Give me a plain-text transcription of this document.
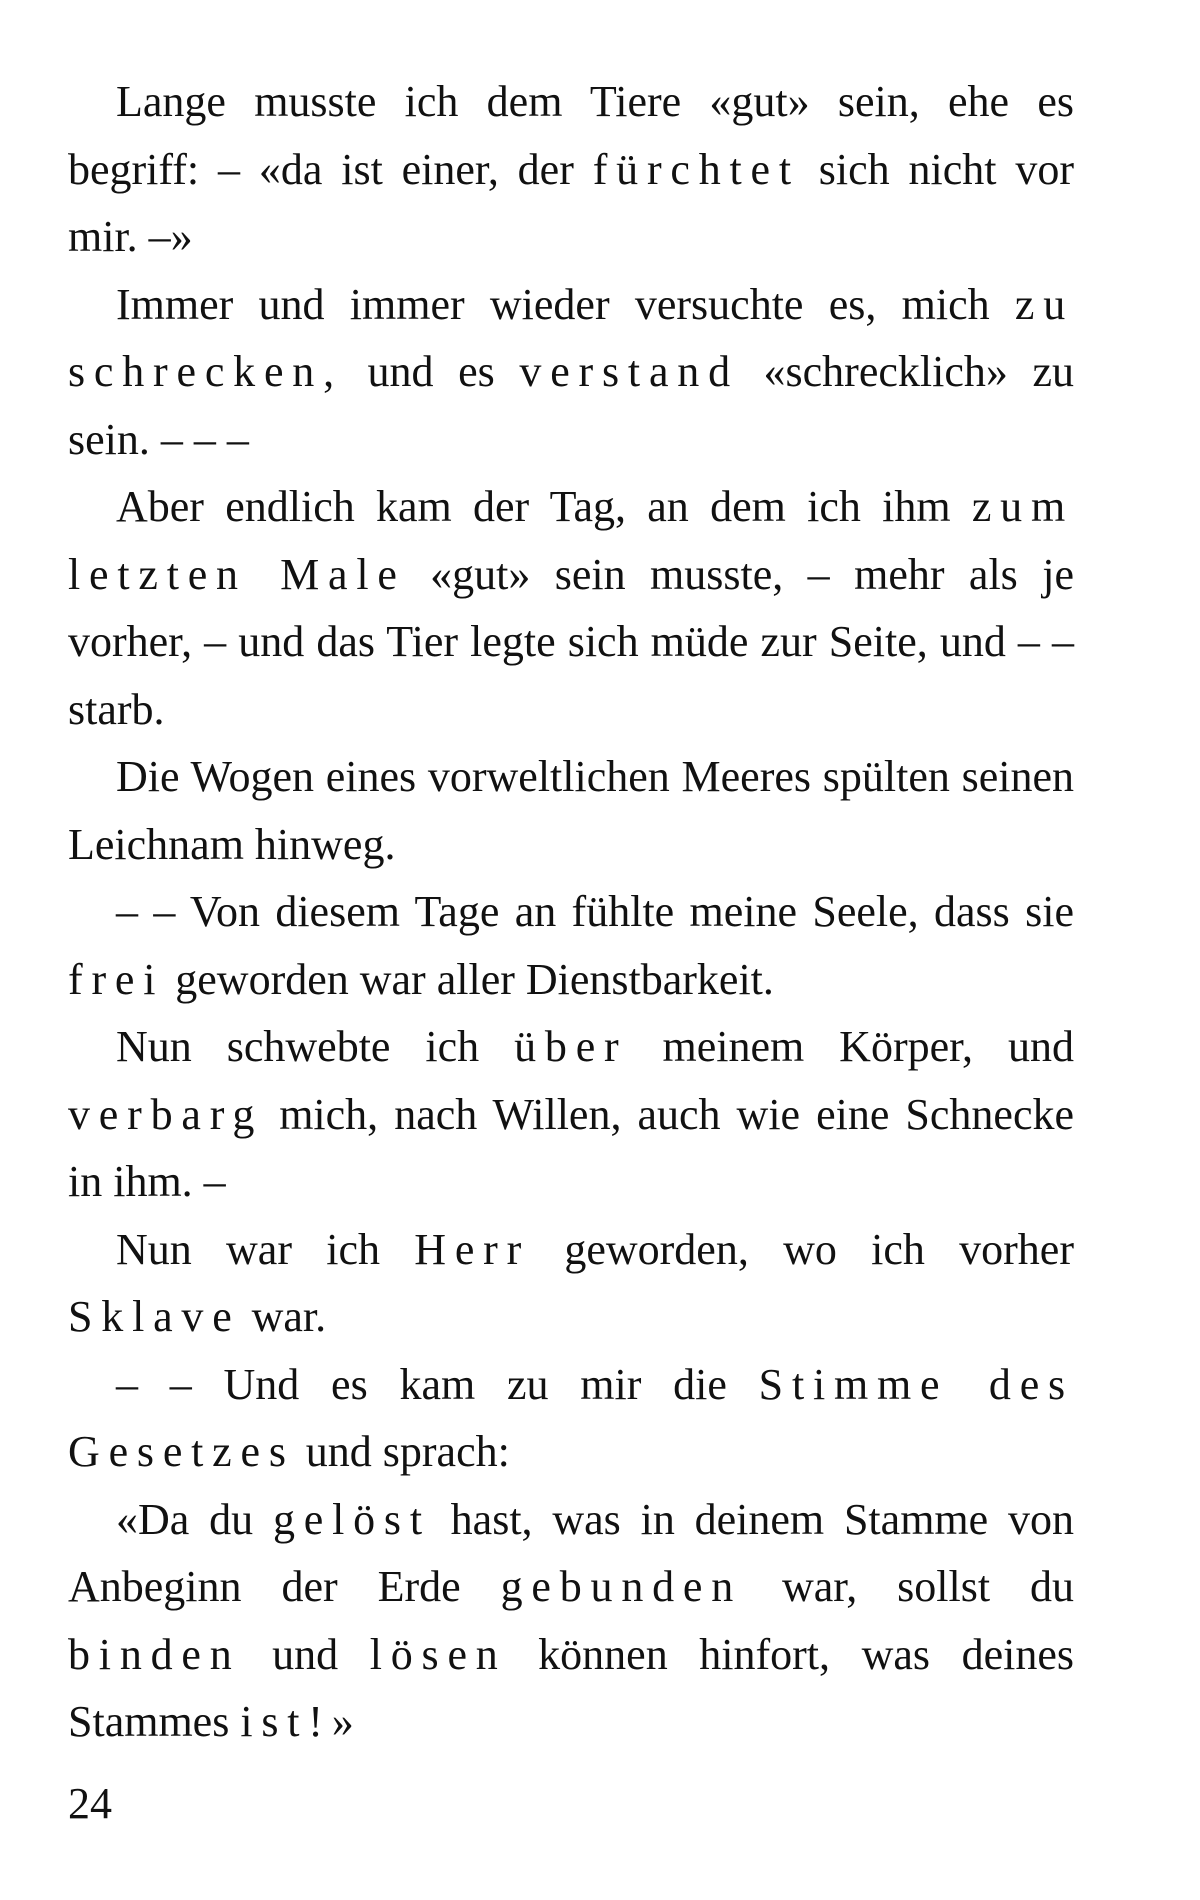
Lange musste ich dem Tiere «gut» sein, ehe es begriff: – «da ist einer, der fürchtet sich nicht vor mir. –»

Immer und immer wieder versuchte es, mich zu schrecken, und es verstand «schrecklich» zu sein. – – –

Aber endlich kam der Tag, an dem ich ihm zum letzten Male «gut» sein musste, – mehr als je vorher, – und das Tier legte sich müde zur Seite, und – – starb.

Die Wogen eines vorweltlichen Meeres spülten seinen Leichnam hinweg.

– – Von diesem Tage an fühlte meine Seele, dass sie frei geworden war aller Dienstbarkeit.

Nun schwebte ich über meinem Körper, und verbarg mich, nach Willen, auch wie eine Schnecke in ihm. –

Nun war ich Herr geworden, wo ich vorher Sklave war.

– – Und es kam zu mir die Stimme des Gesetzes und sprach:

«Da du gelöst hast, was in deinem Stamme von Anbeginn der Erde gebunden war, sollst du binden und lösen können hinfort, was deines Stammes ist!»

24
